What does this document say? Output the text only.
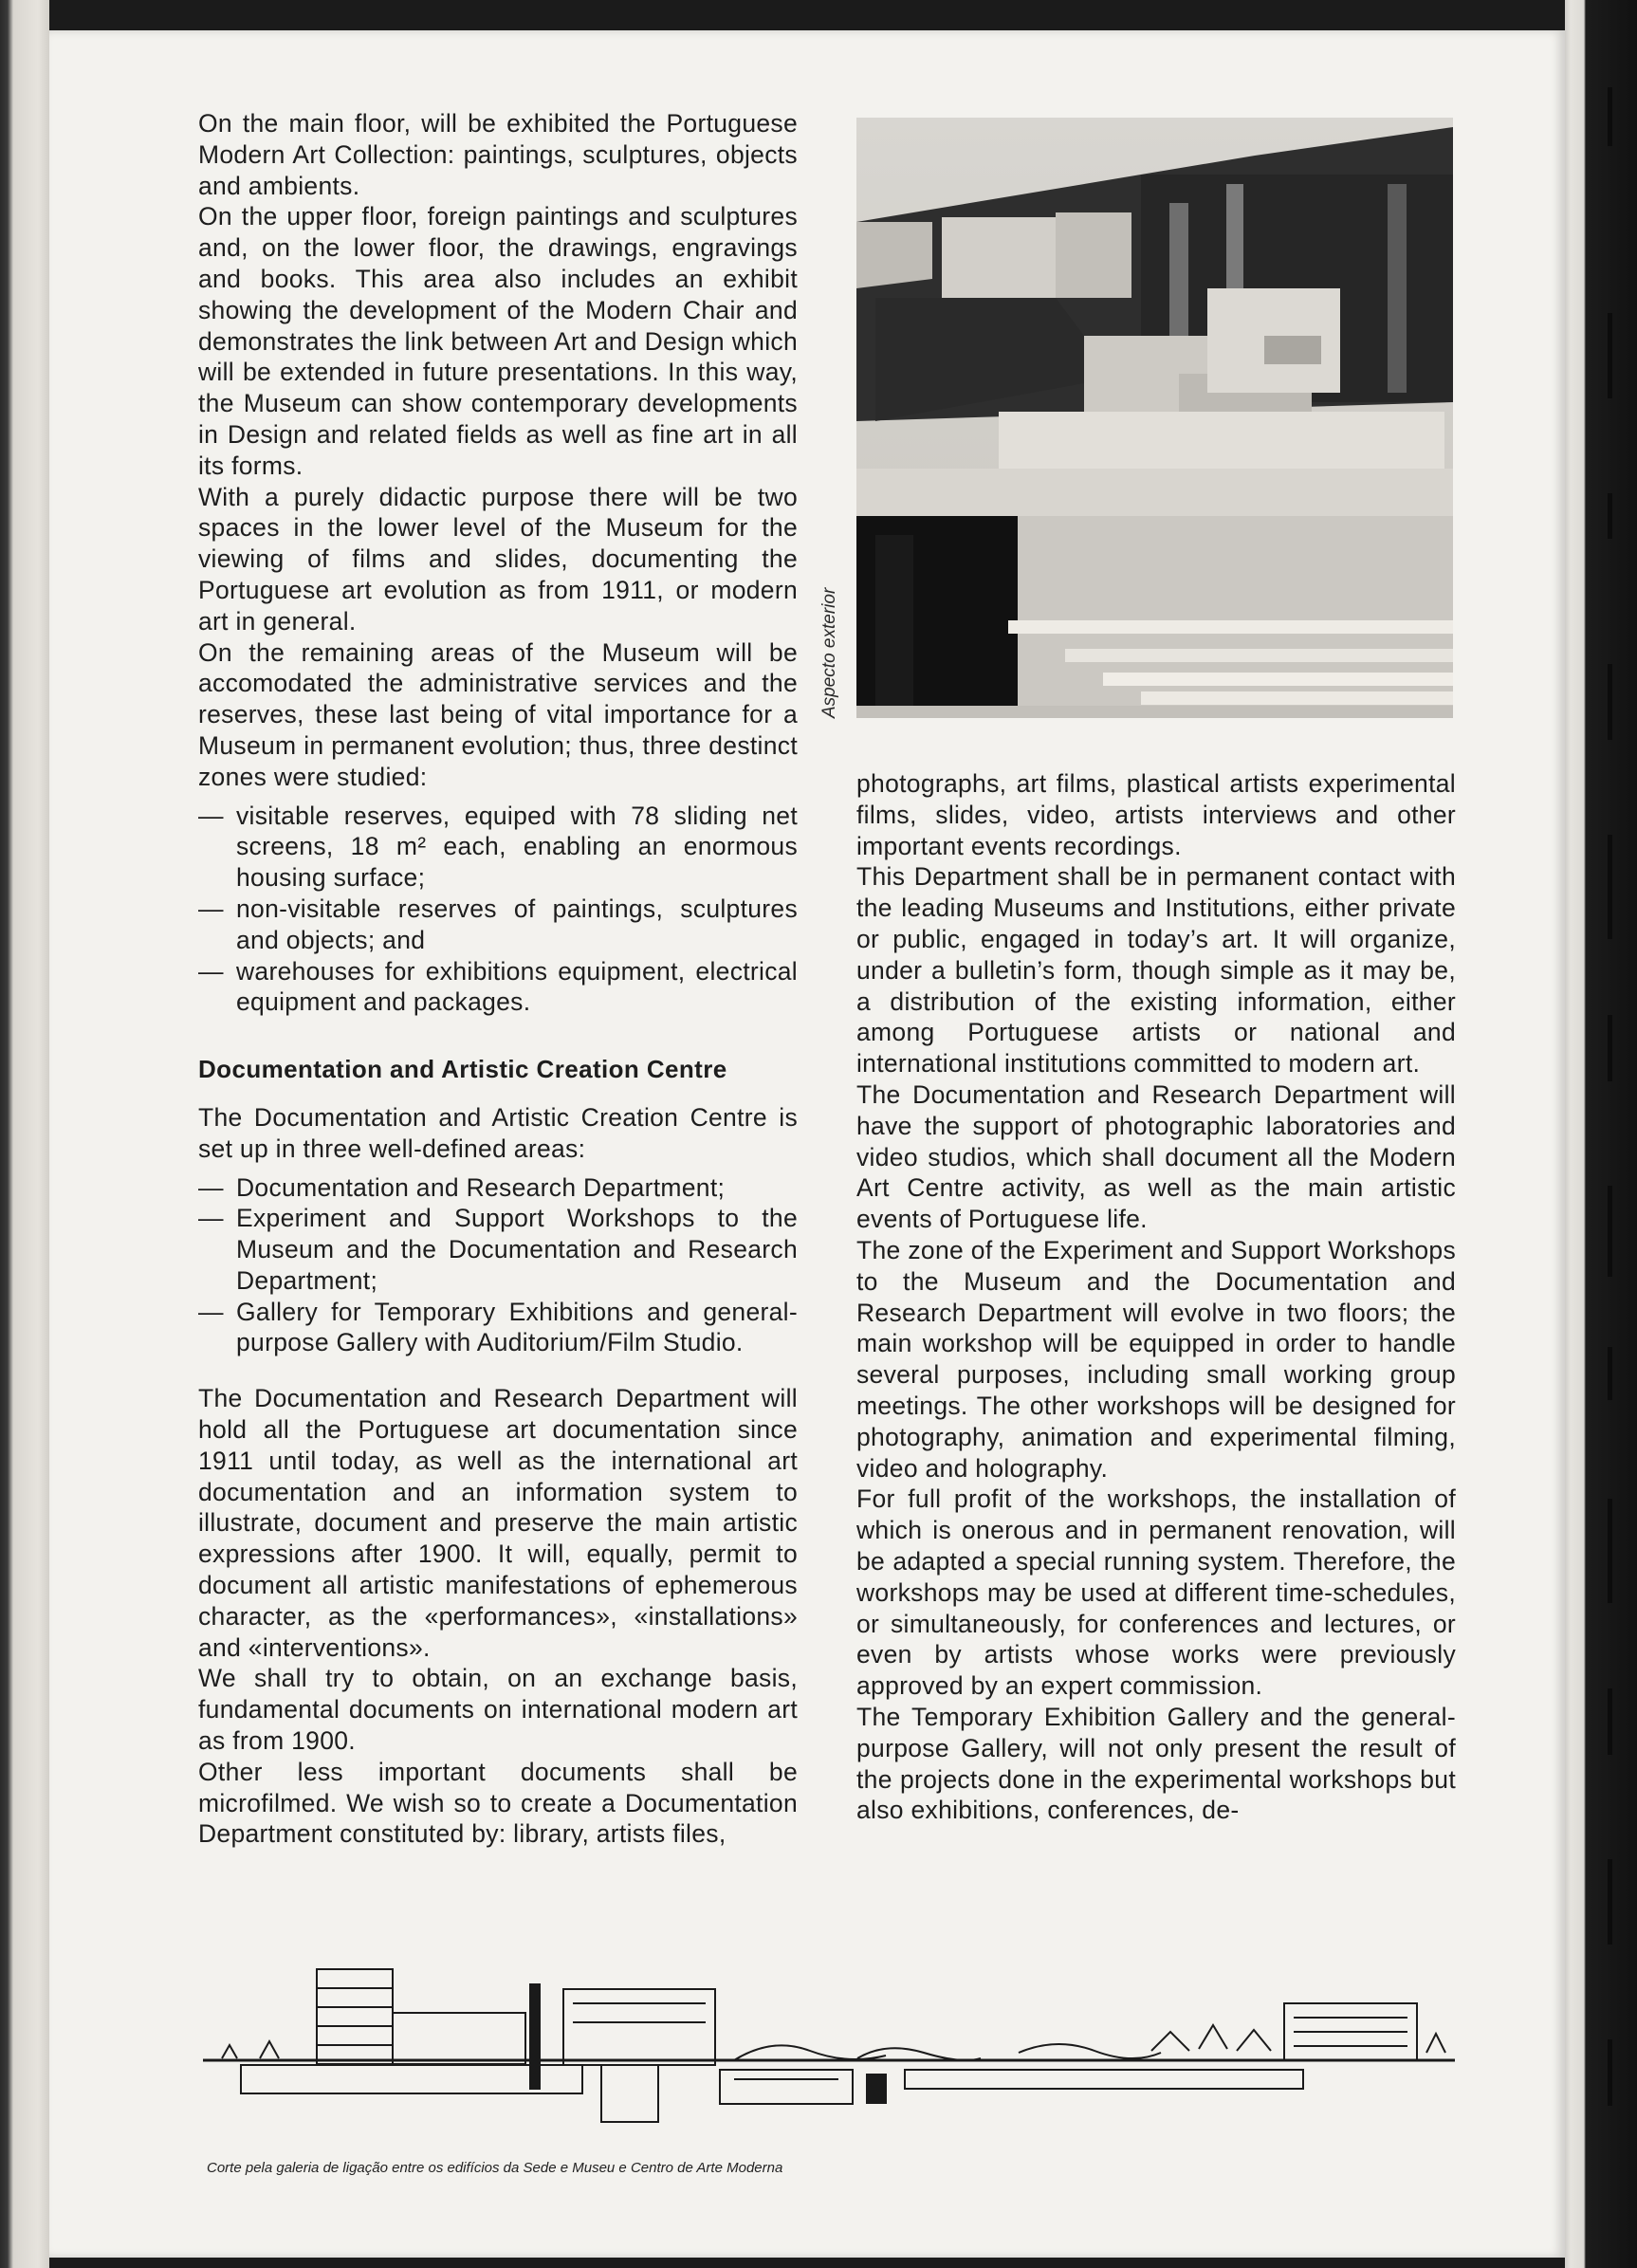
On the main floor, will be exhibited the Portuguese Modern Art Collection: paintings, sculptures, objects and ambients.

On the upper floor, foreign paintings and sculptures and, on the lower floor, the drawings, engravings and books. This area also includes an exhibit showing the development of the Modern Chair and demonstrates the link between Art and Design which will be extended in future presentations. In this way, the Museum can show contemporary developments in Design and related fields as well as fine art in all its forms.

With a purely didactic purpose there will be two spaces in the lower level of the Museum for the viewing of films and slides, documenting the Portuguese art evolution as from 1911, or modern art in general.

On the remaining areas of the Museum will be accomodated the administrative services and the reserves, these last being of vital importance for a Museum in permanent evolution; thus, three destinct zones were studied:

— visitable reserves, equiped with 78 sliding net screens, 18 m² each, enabling an enormous housing surface;
— non-visitable reserves of paintings, sculptures and objects; and
— warehouses for exhibitions equipment, electrical equipment and packages.
Documentation and Artistic Creation Centre

The Documentation and Artistic Creation Centre is set up in three well-defined areas:

— Documentation and Research Department;
— Experiment and Support Workshops to the Museum and the Documentation and Research Department;
— Gallery for Temporary Exhibitions and general-purpose Gallery with Auditorium/Film Studio.

The Documentation and Research Department will hold all the Portuguese art documentation since 1911 until today, as well as the international art documentation and an information system to illustrate, document and preserve the main artistic expressions after 1900. It will, equally, permit to document all artistic manifestations of ephemerous character, as the «performances», «installations» and «interventions».

We shall try to obtain, on an exchange basis, fundamental documents on international modern art as from 1900.

Other less important documents shall be microfilmed. We wish so to create a Documentation Department constituted by: library, artists files,

Aspecto exterior

photographs, art films, plastical artists experimental films, slides, video, artists interviews and other important events recordings.

This Department shall be in permanent contact with the leading Museums and Institutions, either private or public, engaged in today’s art. It will organize, under a bulletin’s form, though simple as it may be, a distribution of the existing information, either among Portuguese artists or national and international institutions committed to modern art.

The Documentation and Research Department will have the support of photographic laboratories and video studios, which shall document all the Modern Art Centre activity, as well as the main artistic events of Portuguese life.

The zone of the Experiment and Support Workshops to the Museum and the Documentation and Research Department will evolve in two floors; the main workshop will be equipped in order to handle several purposes, including small working group meetings. The other workshops will be designed for photography, animation and experimental filming, video and holography.

For full profit of the workshops, the installation of which is onerous and in permanent renovation, will be adapted a special running system. Therefore, the workshops may be used at different time-schedules, or simultaneously, for conferences and lectures, or even by artists whose works were previously approved by an expert commission.

The Temporary Exhibition Gallery and the general-purpose Gallery, will not only present the result of the projects done in the experimental workshops but also exhibitions, conferences, de-

Corte pela galeria de ligação entre os edifícios da Sede e Museu e Centro de Arte Moderna
